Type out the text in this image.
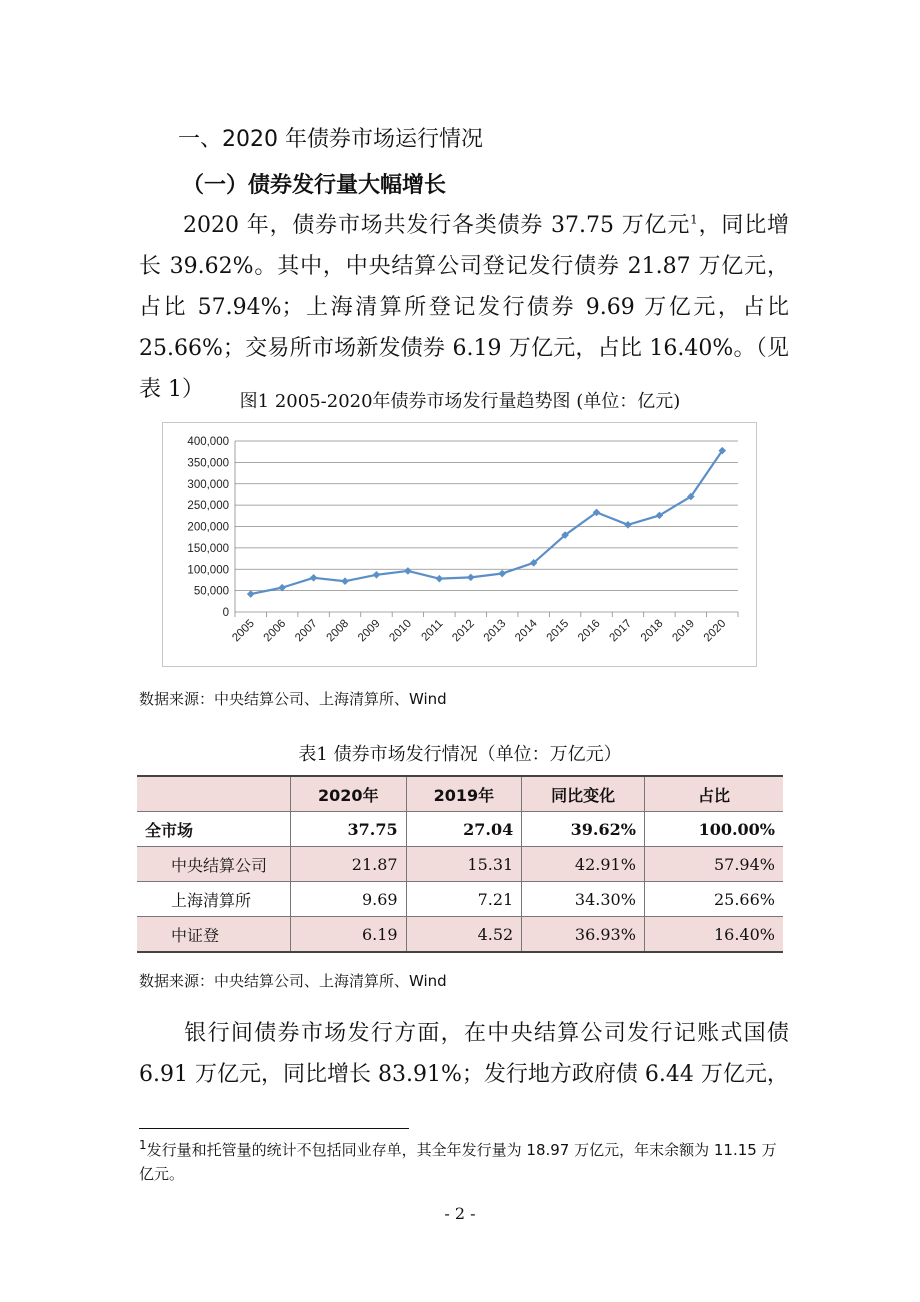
一、2020 年债券市场运行情况
（一）债券发行量大幅增长
2020 年，债券市场共发行各类债券 37.75 万亿元$^1$，同比增长 39.62%。其中，中央结算公司登记发行债券 21.87 万亿元，占比 57.94%；上海清算所登记发行债券 9.69 万亿元，占比 25.66%；交易所市场新发债券 6.19 万亿元，占比 16.40%。（见表 1）	图1 2005-2020年债券市场发行量趋势图 (单位：亿元)
0
50,000
100,000
150,000
200,000
250,000
300,000
350,000
400,000
2005 2006 2007 2008 2009 2010 2011 2012 2013 2014 2015 2016 2017 2018 2019 2020
数据来源：中央结算公司、上海清算所、Wind
表1 债券市场发行情况（单位：万亿元）
	2020年	2019年	同比变化	占比
全市场	37.75	27.04	39.62%	100.00%
中央结算公司	21.87	15.31	42.91%	57.94%
上海清算所	9.69	7.21	34.30%	25.66%
中证登	6.19	4.52	36.93%	16.40%
数据来源：中央结算公司、上海清算所、Wind
银行间债券市场发行方面，在中央结算公司发行记账式国债 6.91 万亿元，同比增长 83.91%；发行地方政府债 6.44 万亿元，
$^1$发行量和托管量的统计不包括同业存单，其全年发行量为 18.97 万亿元，年末余额为 11.15 万亿元。
- 2 -
